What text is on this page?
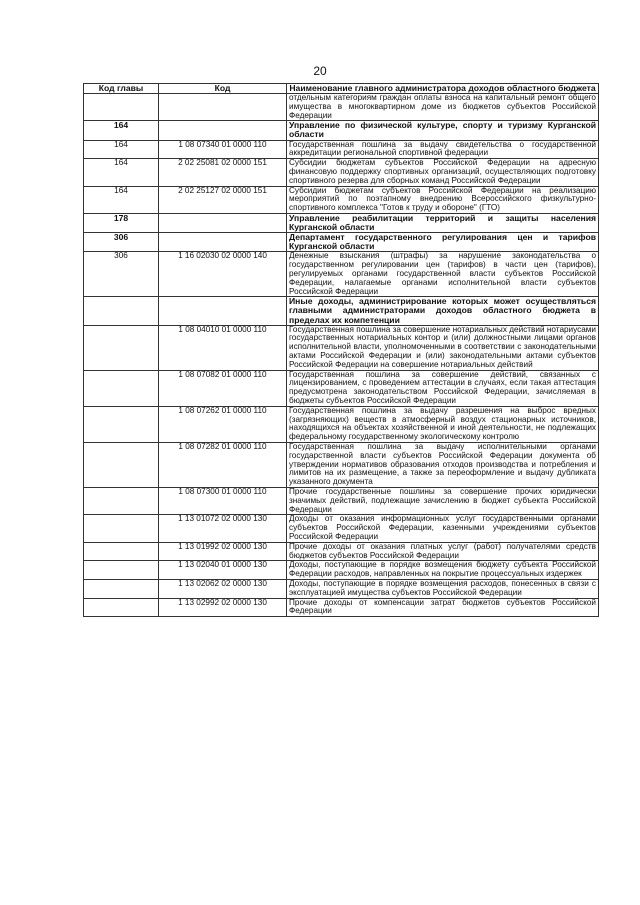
20
Код главы	Код	Наименование главного администратора доходов областного бюджета
		отдельным категориям граждан оплаты взноса на капитальный ремонт общего имущества в многоквартирном доме из бюджетов субъектов Российской Федерации
164		Управление по физической культуре, спорту и туризму Курганской области
164	1 08 07340 01 0000 110	Государственная пошлина за выдачу свидетельства о государственной аккредитации региональной спортивной федерации
164	2 02 25081 02 0000 151	Субсидии бюджетам субъектов Российской Федерации на адресную финансовую поддержку спортивных организаций, осуществляющих подготовку спортивного резерва для сборных команд Российской Федерации
164	2 02 25127 02 0000 151	Субсидии бюджетам субъектов Российской Федерации на реализацию мероприятий по поэтапному внедрению Всероссийского физкультурно-спортивного комплекса "Готов к труду и обороне" (ГТО)
178		Управление реабилитации территорий и защиты населения Курганской области
306		Департамент государственного регулирования цен и тарифов Курганской области
306	1 16 02030 02 0000 140	Денежные взыскания (штрафы) за нарушение законодательства о государственном регулировании цен (тарифов) в части цен (тарифов), регулируемых органами государственной власти субъектов Российской Федерации, налагаемые органами исполнительной власти субъектов Российской Федерации
		Иные доходы, администрирование которых может осуществляться главными администраторами доходов областного бюджета в пределах их компетенции
	1 08 04010 01 0000 110	Государственная пошлина за совершение нотариальных действий нотариусами государственных нотариальных контор и (или) должностными лицами органов исполнительной власти, уполномоченными в соответствии с законодательными актами Российской Федерации и (или) законодательными актами субъектов Российской Федерации на совершение нотариальных действий
	1 08 07082 01 0000 110	Государственная пошлина за совершение действий, связанных с лицензированием, с проведением аттестации в случаях, если такая аттестация предусмотрена законодательством Российской Федерации, зачисляемая в бюджеты субъектов Российской Федерации
	1 08 07262 01 0000 110	Государственная пошлина за выдачу разрешения на выброс вредных (загрязняющих) веществ в атмосферный воздух стационарных источников, находящихся на объектах хозяйственной и иной деятельности, не подлежащих федеральному государственному экологическому контролю
	1 08 07282 01 0000 110	Государственная пошлина за выдачу исполнительными органами государственной власти субъектов Российской Федерации документа об утверждении нормативов образования отходов производства и потребления и лимитов на их размещение, а также за переоформление и выдачу дубликата указанного документа
	1 08 07300 01 0000 110	Прочие государственные пошлины за совершение прочих юридически значимых действий, подлежащие зачислению в бюджет субъекта Российской Федерации
	1 13 01072 02 0000 130	Доходы от оказания информационных услуг государственными органами субъектов Российской Федерации, казенными учреждениями субъектов Российской Федерации
	1 13 01992 02 0000 130	Прочие доходы от оказания платных услуг (работ) получателями средств бюджетов субъектов Российской Федерации
	1 13 02040 01 0000 130	Доходы, поступающие в порядке возмещения бюджету субъекта Российской Федерации расходов, направленных на покрытие процессуальных издержек
	1 13 02062 02 0000 130	Доходы, поступающие в порядке возмещения расходов, понесенных в связи с эксплуатацией имущества субъектов Российской Федерации
	1 13 02992 02 0000 130	Прочие доходы от компенсации затрат бюджетов субъектов Российской Федерации
